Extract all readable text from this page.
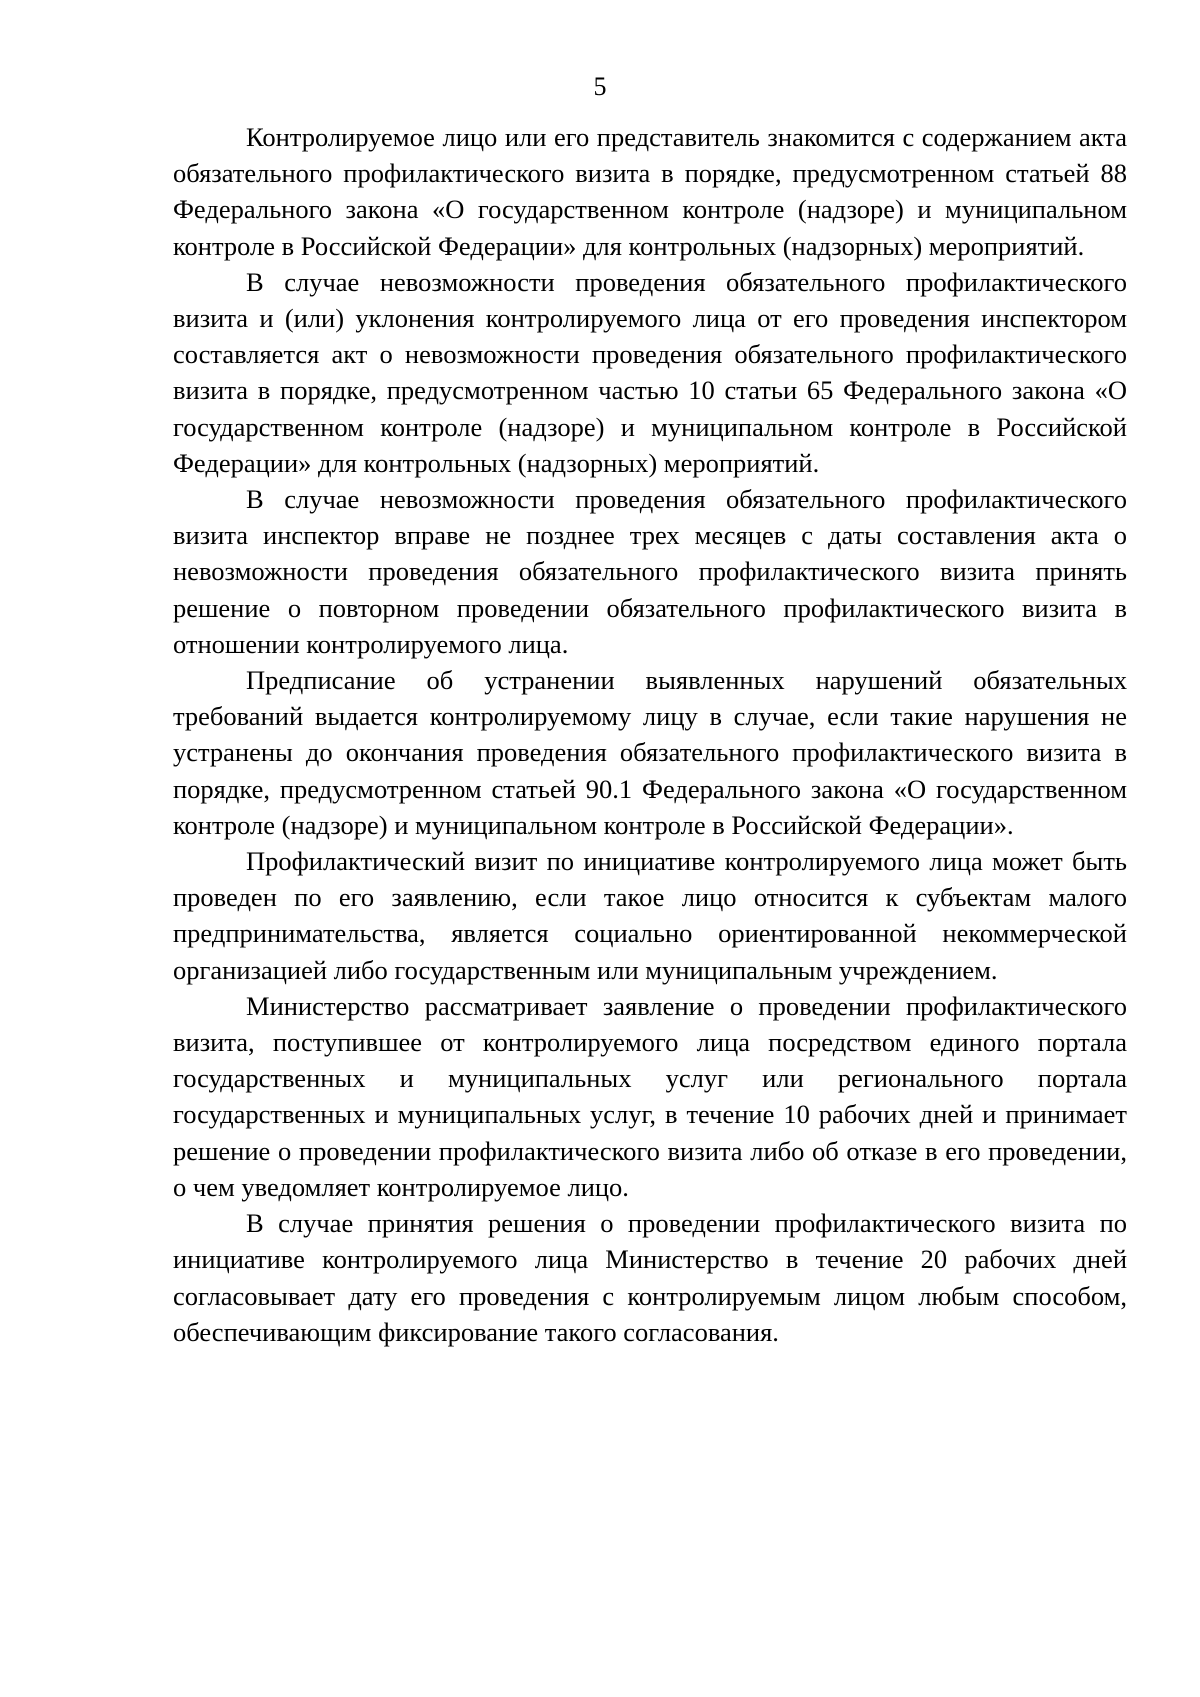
5

Контролируемое лицо или его представитель знакомится с содержанием акта обязательного профилактического визита в порядке, предусмотренном статьей 88 Федерального закона «О государственном контроле (надзоре) и муниципальном контроле в Российской Федерации» для контрольных (надзорных) мероприятий.

В случае невозможности проведения обязательного профилактического визита и (или) уклонения контролируемого лица от его проведения инспектором составляется акт о невозможности проведения обязательного профилактического визита в порядке, предусмотренном частью 10 статьи 65 Федерального закона «О государственном контроле (надзоре) и муниципальном контроле в Российской Федерации» для контрольных (надзорных) мероприятий.

В случае невозможности проведения обязательного профилактического визита инспектор вправе не позднее трех месяцев с даты составления акта о невозможности проведения обязательного профилактического визита принять решение о повторном проведении обязательного профилактического визита в отношении контролируемого лица.

Предписание об устранении выявленных нарушений обязательных требований выдается контролируемому лицу в случае, если такие нарушения не устранены до окончания проведения обязательного профилактического визита в порядке, предусмотренном статьей 90.1 Федерального закона «О государственном контроле (надзоре) и муниципальном контроле в Российской Федерации».

Профилактический визит по инициативе контролируемого лица может быть проведен по его заявлению, если такое лицо относится к субъектам малого предпринимательства, является социально ориентированной некоммерческой организацией либо государственным или муниципальным учреждением.

Министерство рассматривает заявление о проведении профилактического визита, поступившее от контролируемого лица посредством единого портала государственных и муниципальных услуг или регионального портала государственных и муниципальных услуг, в течение 10 рабочих дней и принимает решение о проведении профилактического визита либо об отказе в его проведении, о чем уведомляет контролируемое лицо.

В случае принятия решения о проведении профилактического визита по инициативе контролируемого лица Министерство в течение 20 рабочих дней согласовывает дату его проведения с контролируемым лицом любым способом, обеспечивающим фиксирование такого согласования.
